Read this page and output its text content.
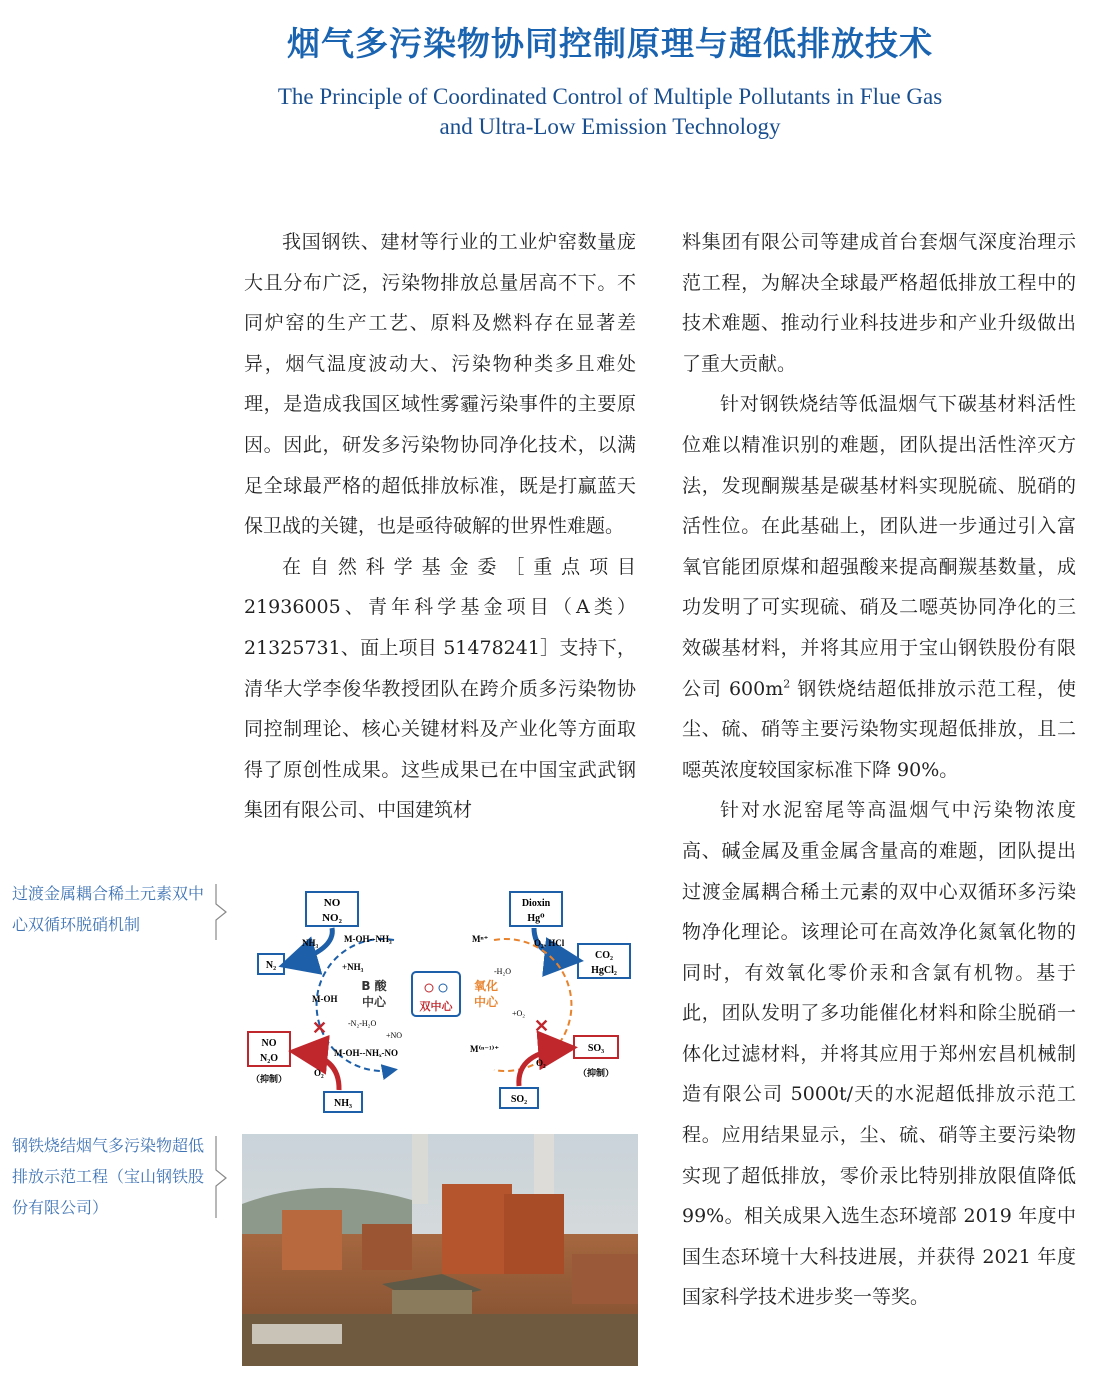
烟气多污染物协同控制原理与超低排放技术
The Principle of Coordinated Control of Multiple Pollutants in Flue Gas
and Ultra-Low Emission Technology

我国钢铁、建材等行业的工业炉窑数量庞大且分布广泛，污染物排放总量居高不下。不同炉窑的生产工艺、原料及燃料存在显著差异，烟气温度波动大、污染物种类多且难处理，是造成我国区域性雾霾污染事件的主要原因。因此，研发多污染物协同净化技术，以满足全球最严格的超低排放标准，既是打赢蓝天保卫战的关键，也是亟待破解的世界性难题。

在自然科学基金委［重点项目 21936005、青年科学基金项目（A类）21325731、面上项目 51478241］支持下，清华大学李俊华教授团队在跨介质多污染物协同控制理论、核心关键材料及产业化等方面取得了原创性成果。这些成果已在中国宝武武钢集团有限公司、中国建筑材

料集团有限公司等建成首台套烟气深度治理示范工程，为解决全球最严格超低排放工程中的技术难题、推动行业科技进步和产业升级做出了重大贡献。

针对钢铁烧结等低温烟气下碳基材料活性位难以精准识别的难题，团队提出活性淬灭方法，发现酮羰基是碳基材料实现脱硫、脱硝的活性位。在此基础上，团队进一步通过引入富氧官能团原煤和超强酸来提高酮羰基数量，成功发明了可实现硫、硝及二噁英协同净化的三效碳基材料，并将其应用于宝山钢铁股份有限公司 $600m^2$ 钢铁烧结超低排放示范工程，使尘、硫、硝等主要污染物实现超低排放，且二噁英浓度较国家标准下降 90%。

针对水泥窑尾等高温烟气中污染物浓度高、碱金属及重金属含量高的难题，团队提出过渡金属耦合稀土元素的双中心双循环多污染物净化理论。该理论可在高效净化氮氧化物的同时，有效氧化零价汞和含氯有机物。基于此，团队发明了多功能催化材料和除尘脱硝一体化过滤材料，并将其应用于郑州宏昌机械制造有限公司 5000t/天的水泥超低排放示范工程。应用结果显示，尘、硫、硝等主要污染物实现了超低排放，零价汞比特别排放限值降低 99%。相关成果入选生态环境部 2019 年度中国生态环境十大科技进展，并获得 2021 年度国家科学技术进步奖一等奖。

过渡金属耦合稀土元素双中心双循环脱硝机制
钢铁烧结烟气多污染物超低排放示范工程（宝山钢铁股份有限公司）
NO
NO₂
Dioxin
Hg⁰
N₂
CO₂
HgCl₂
双中心
NH₃	M-OH--NH₃
+NH₃
M-OH
-N₂-H₂O
+NO
M-OH--NHₓ-NO
B 酸
中心
Mⁿ⁺	O₂, HCl
-H₂O
氧化
中心
+O₂
M⁽ⁿ⁻¹⁾⁺
NO
N₂O
（抑制）
✕
O₂
NH₃
SO₃
（抑制）
✕
O₂
SO₂
